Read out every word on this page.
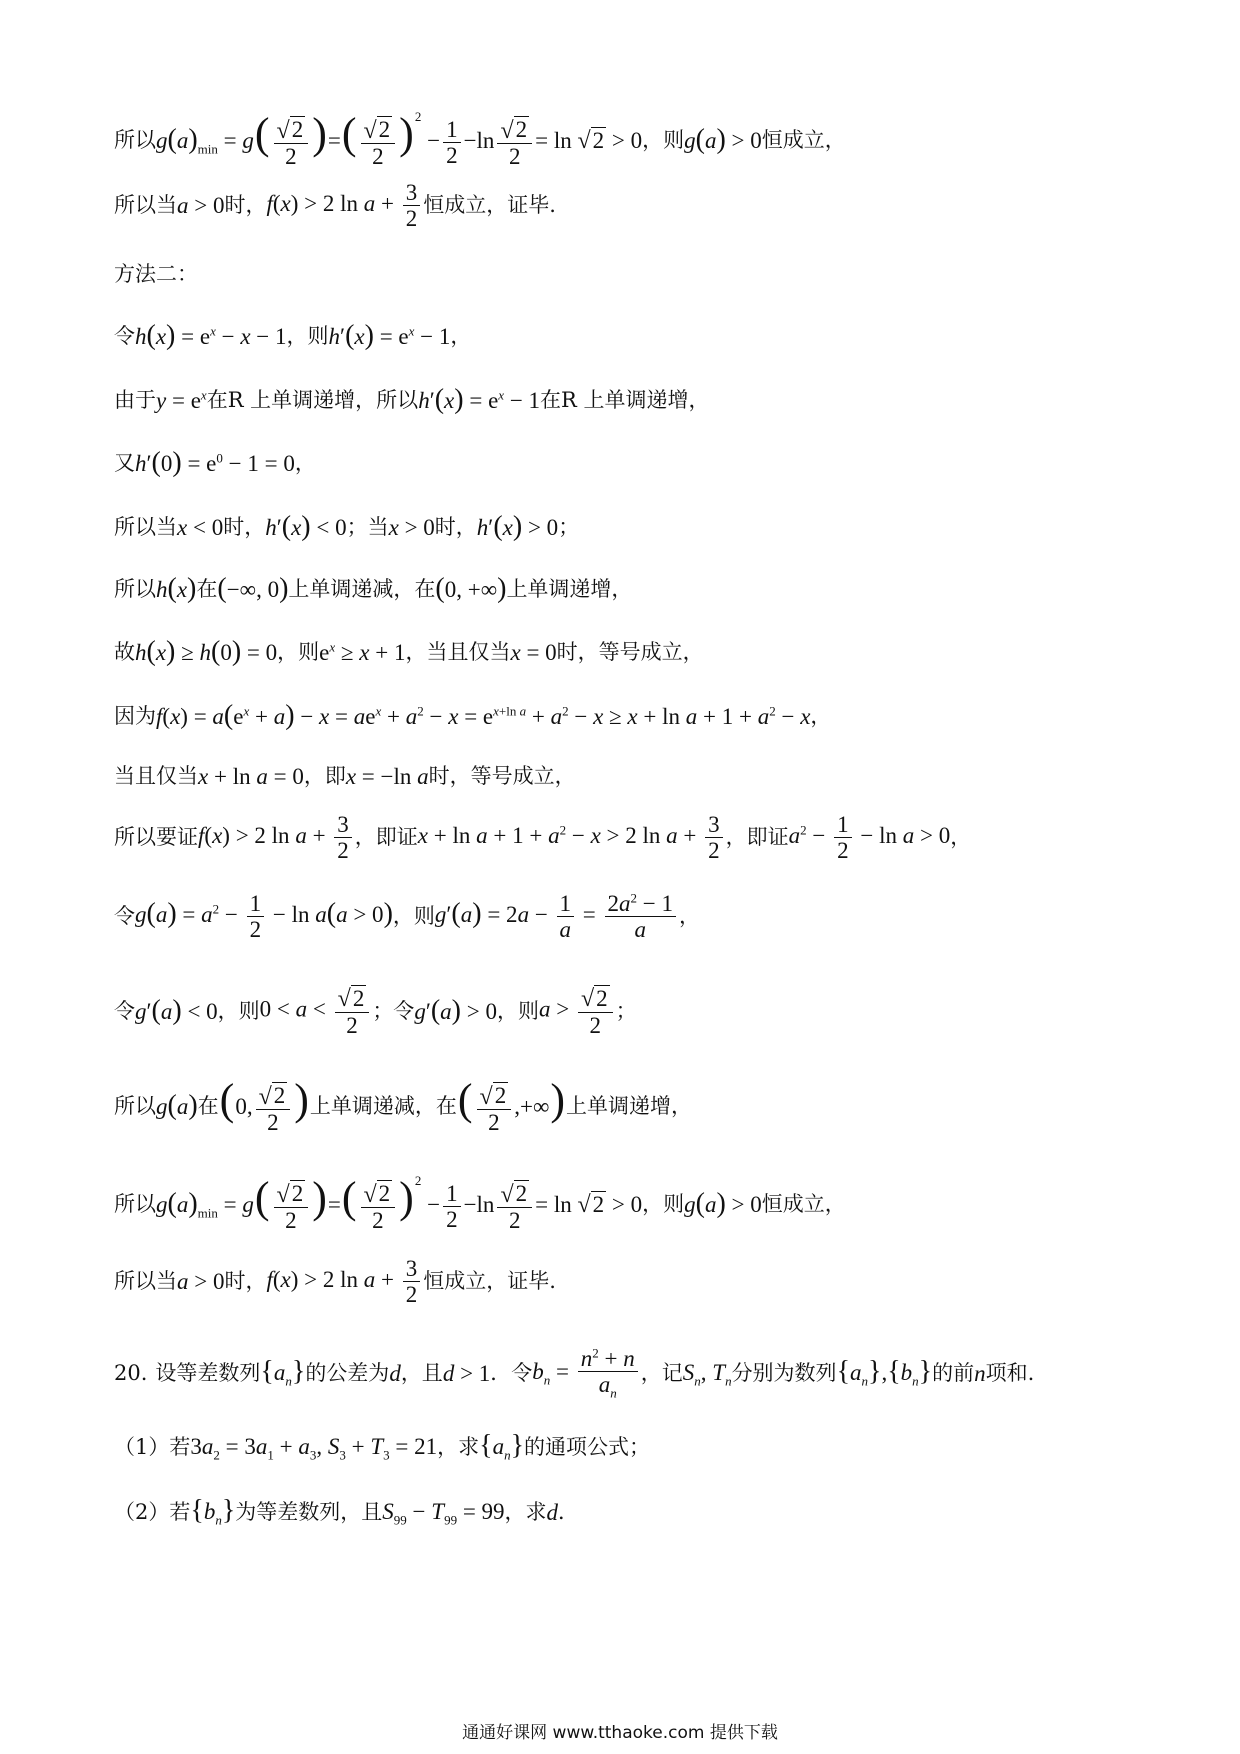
所以 $g(a)_{min} = g( \frac{√ 2}{2}$ )=( $\frac{√ 2}{2} )^2 - \frac{1}{2} -\ln \frac{√ 2}{2} = \ln$ √ 2 > 0 ，则 g(a) > 0 恒成立，
所以当 a > 0 时， f(x) > 2 $\ln a + \frac{3}{2}$ 恒成立，证毕.
方法二：
令 $h(x) = e^x - x - 1$ ，则 $h'(x) = e^x - 1$ ，
由于 $y = e^x$ 在 R 上单调递增，所以 $h'(x) = e^x - 1$ 在 R 上单调递增，
又 $h'(0) = e^0 - 1 = 0$ ，
所以当 x < 0 时， h′(x) < 0 ；当 x > 0 时， h′(x) > 0 ；
所以 h(x) 在 (−∞, 0) 上单调递减，在 (0, +∞) 上单调递增，
故 h(x) ≥ h(0) = 0 ，则 $e^x \ge x + 1$ ，当且仅当 x = 0 时，等号成立，
因为 $f(x) = a(e^x + a) - x = ae^x + a^2 - x = e^{x+ln a} + a^2 - x \ge x + \ln a + 1 + a^2 - x$ ，
当且仅当 x + ln a = 0 ，即 x = −ln a 时，等号成立，
所以要证 f(x) > 2 $\ln a + \frac{3}{2}$ ，即证 $x + \ln a + 1 + a^2 - x > 2$ $\ln a + \frac{3}{2}$ ，即证 $a^2 - \frac{1}{2} - \ln a > 0$ ，
令 $g(a) = a^2 - \frac{1}{2} - \ln a(a > 0)$ ，则 $g'(a) = 2a - \frac{1}{a} = \frac{2a^2 - 1}{a}$ ，
令 g′(a) < 0 ，则 $0 < a < \frac{√ 2}{2}$ ；令 g′(a) > 0 ，则 $a > \frac{√ 2}{2}$ ；
所以 g(a) 在 (0, $\frac{√ 2}{2}$ ) 上单调递减，在 ( $\frac{√ 2}{2}$ ,+∞) 上单调递增，
所以 $g(a)_{min} = g( \frac{√ 2}{2}$ )=( $\frac{√ 2}{2} )^2 - \frac{1}{2} -\ln \frac{√ 2}{2} = \ln$ √ 2 > 0 ，则 g(a) > 0 恒成立，
所以当 a > 0 时， f(x) > 2 $\ln a + \frac{3}{2}$ 恒成立，证毕.
20. 设等差数列 $\{a_n\}$ 的公差为 d ，且 d > 1 ．令 $b_n = \frac{n^2 + n}{a_n}$ ，记 $S_n$, $T_n$ 分别为数列 $\{a_n\},\{b_n\}$ 的前 n 项和.
（1）若 $3a_2 = 3a_1 + a_3$, $S_3 + T_3 = 21$ ，求 $\{a_n\}$ 的通项公式；
（2）若 $\{b_n\}$ 为等差数列，且 $S_{99} - T_{99} = 99$ ，求 d ．
通通好课网 www.tthaoke.com 提供下载
